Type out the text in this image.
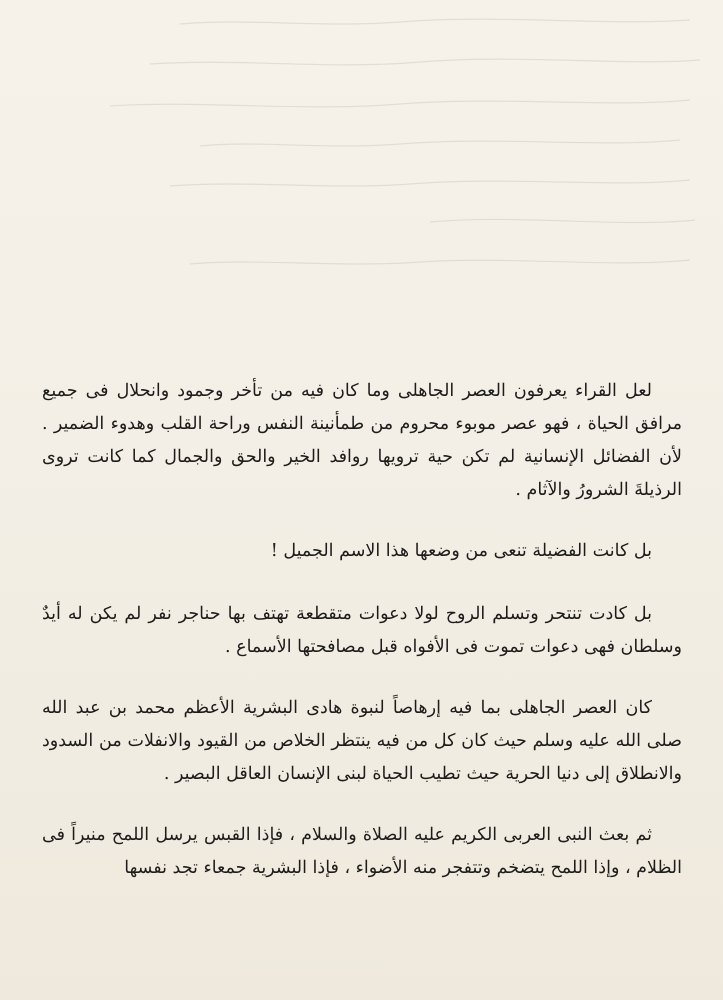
لعل القراء يعرفون العصر الجاهلى وما كان فيه من تأخر وجمود وانحلال فى جميع مرافق الحياة ، فهو عصر موبوء محروم من طمأنينة النفس وراحة القلب وهدوء الضمير . لأن الفضائل الإنسانية لم تكن حية ترويها روافد الخير والحق والجمال كما كانت تروى الرذيلةَ الشرورُ والآثام .

بل كانت الفضيلة تنعى من وضعها هذا الاسم الجميل !

بل كادت تنتحر وتسلم الروح لولا دعوات متقطعة تهتف بها حناجر نفر لم يكن له أيدٌ وسلطان فهى دعوات تموت فى الأفواه قبل مصافحتها الأسماع .

كان العصر الجاهلى بما فيه إرهاصاً لنبوة هادى البشرية الأعظم محمد بن عبد الله صلى الله عليه وسلم حيث كان كل من فيه ينتظر الخلاص من القيود والانفلات من السدود والانطلاق إلى دنيا الحرية حيث تطيب الحياة لبنى الإنسان العاقل البصير .

ثم بعث النبى العربى الكريم عليه الصلاة والسلام ، فإذا القبس يرسل اللمح منيراً فى الظلام ، وإذا اللمح يتضخم وتتفجر منه الأضواء ، فإذا البشرية جمعاء تجد نفسها
